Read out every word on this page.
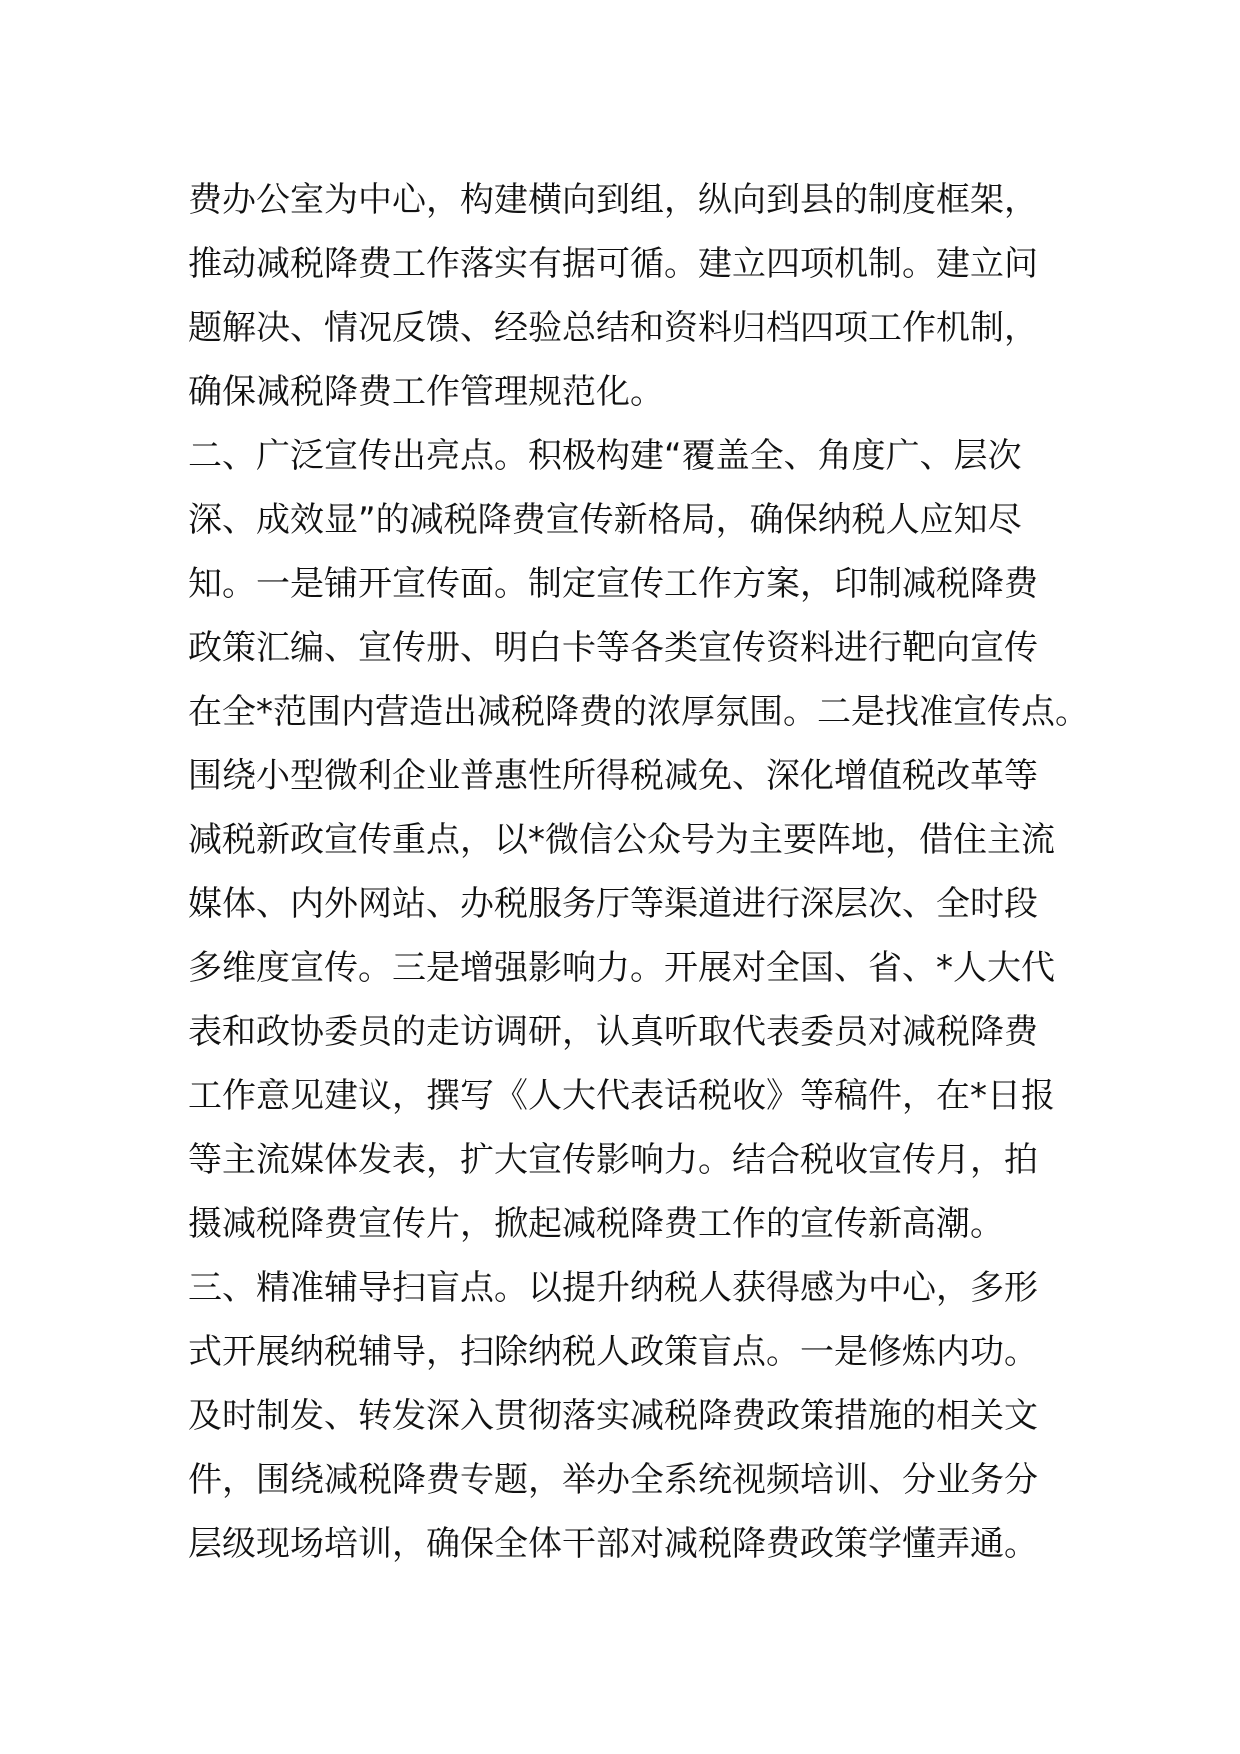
费办公室为中心，构建横向到组，纵向到县的制度框架，
推动减税降费工作落实有据可循。建立四项机制。建立问
题解决、情况反馈、经验总结和资料归档四项工作机制，
确保减税降费工作管理规范化。
二、广泛宣传出亮点。积极构建“覆盖全、角度广、层次
深、成效显”的减税降费宣传新格局，确保纳税人应知尽
知。一是铺开宣传面。制定宣传工作方案，印制减税降费
政策汇编、宣传册、明白卡等各类宣传资料进行靶向宣传
在全*范围内营造出减税降费的浓厚氛围。二是找准宣传点。
围绕小型微利企业普惠性所得税减免、深化增值税改革等
减税新政宣传重点，以*微信公众号为主要阵地，借住主流
媒体、内外网站、办税服务厅等渠道进行深层次、全时段
多维度宣传。三是增强影响力。开展对全国、省、*人大代
表和政协委员的走访调研，认真听取代表委员对减税降费
工作意见建议，撰写《人大代表话税收》等稿件，在*日报
等主流媒体发表，扩大宣传影响力。结合税收宣传月，拍
摄减税降费宣传片，掀起减税降费工作的宣传新高潮。
三、精准辅导扫盲点。以提升纳税人获得感为中心，多形
式开展纳税辅导，扫除纳税人政策盲点。一是修炼内功。
及时制发、转发深入贯彻落实减税降费政策措施的相关文
件，围绕减税降费专题，举办全系统视频培训、分业务分
层级现场培训，确保全体干部对减税降费政策学懂弄通。
